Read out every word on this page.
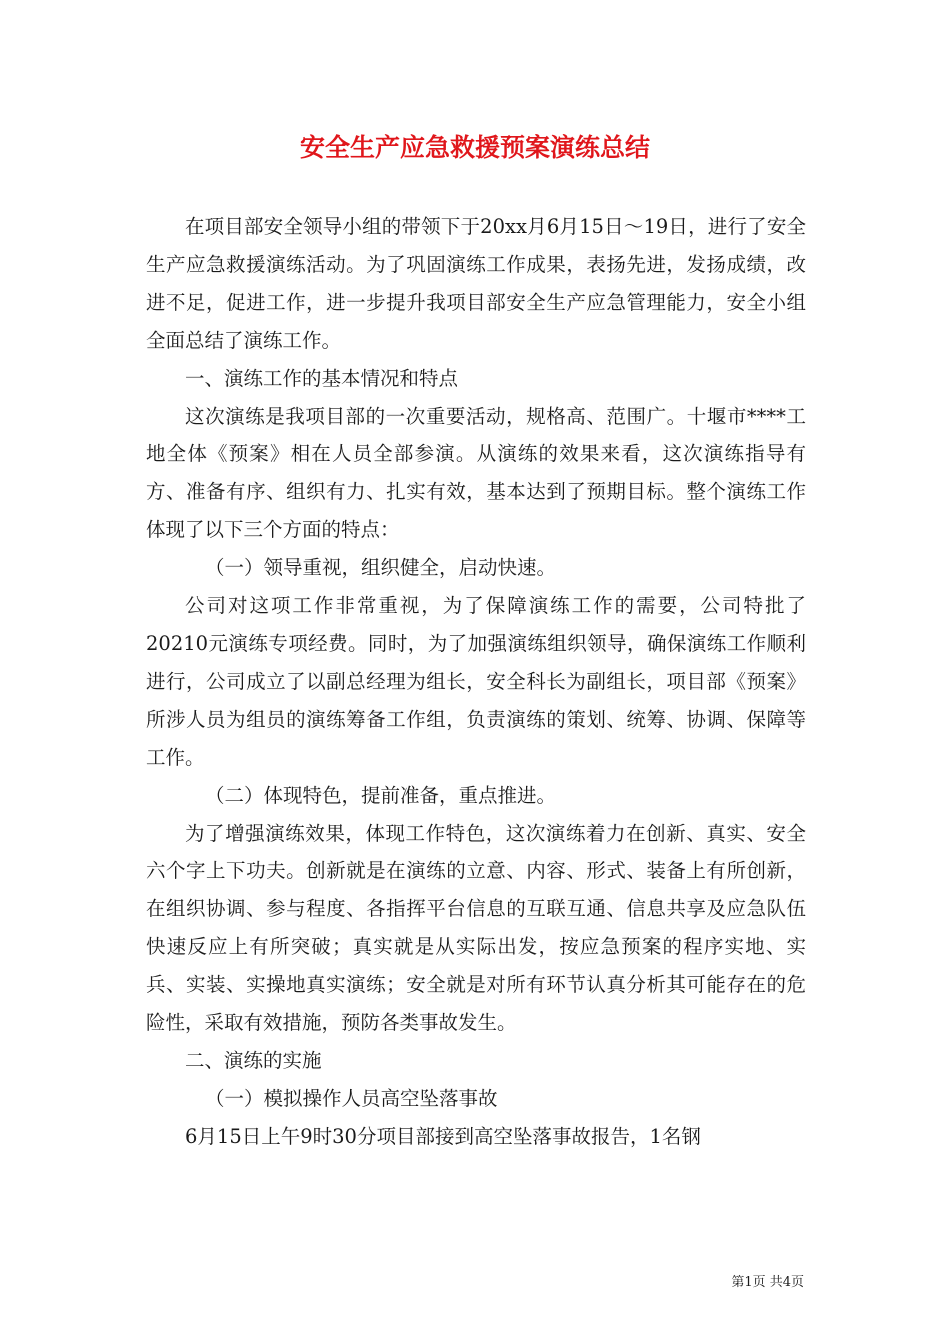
安全生产应急救援预案演练总结

在项目部安全领导小组的带领下于20xx月6月15日～19日，进行了安全生产应急救援演练活动。为了巩固演练工作成果，表扬先进，发扬成绩，改进不足，促进工作，进一步提升我项目部安全生产应急管理能力，安全小组全面总结了演练工作。

一、演练工作的基本情况和特点

这次演练是我项目部的一次重要活动，规格高、范围广。十堰市****工地全体《预案》相在人员全部参演。从演练的效果来看，这次演练指导有方、准备有序、组织有力、扎实有效，基本达到了预期目标。整个演练工作体现了以下三个方面的特点：

（一）领导重视，组织健全，启动快速。

公司对这项工作非常重视，为了保障演练工作的需要，公司特批了20210元演练专项经费。同时，为了加强演练组织领导，确保演练工作顺利进行，公司成立了以副总经理为组长，安全科长为副组长，项目部《预案》所涉人员为组员的演练筹备工作组，负责演练的策划、统筹、协调、保障等工作。

（二）体现特色，提前准备，重点推进。

为了增强演练效果，体现工作特色，这次演练着力在创新、真实、安全六个字上下功夫。创新就是在演练的立意、内容、形式、装备上有所创新，在组织协调、参与程度、各指挥平台信息的互联互通、信息共享及应急队伍快速反应上有所突破；真实就是从实际出发，按应急预案的程序实地、实兵、实装、实操地真实演练；安全就是对所有环节认真分析其可能存在的危险性，采取有效措施，预防各类事故发生。

二、演练的实施

（一）模拟操作人员高空坠落事故

6月15日上午9时30分项目部接到高空坠落事故报告，1名钢

第1页 共4页
